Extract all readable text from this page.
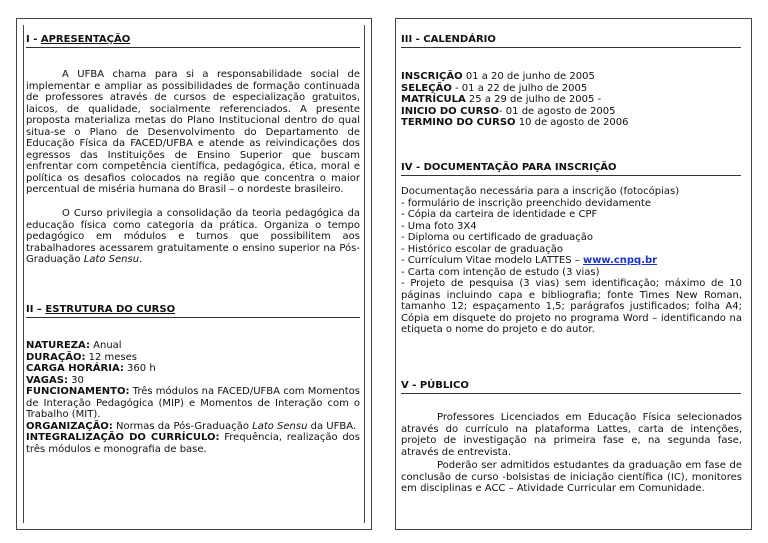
I - APRESENTAÇÃO
A UFBA chama para si a responsabilidade social de implementar e ampliar as possibilidades de formação continuada de professores através de cursos de especialização gratuitos, laicos, de qualidade, socialmente referenciados. A presente proposta materializa metas do Plano Institucional dentro do qual situa-se o Plano de Desenvolvimento do Departamento de Educação Física da FACED/UFBA e atende as reivindicações dos egressos das Instituições de Ensino Superior que buscam enfrentar com competência científica, pedagógica, ética, moral e política os desafios colocados na região que concentra o maior percentual de miséria humana do Brasil – o nordeste brasileiro.
O Curso privilegia a consolidação da teoria pedagógica da educação física como categoria da prática. Organiza o tempo pedagógico em módulos e turnos que possibilitem aos trabalhadores acessarem gratuitamente o ensino superior na Pós-Graduação Lato Sensu.
II – ESTRUTURA DO CURSO
NATUREZA: Anual
DURAÇÃO: 12 meses
CARGA HORÁRIA: 360 h
VAGAS: 30
FUNCIONAMENTO: Três módulos na FACED/UFBA com Momentos de Interação Pedagógica (MIP) e Momentos de Interação com o Trabalho (MIT).
ORGANIZAÇÃO: Normas da Pós-Graduação Lato Sensu da UFBA.
INTEGRALIZAÇÃO DO CURRÍCULO: Frequência, realização dos três módulos e monografia de base.
III - CALENDÁRIO
INSCRIÇÃO 01 a 20 de junho de 2005
SELEÇÃO - 01 a 22 de julho de 2005
MATRÍCULA 25 a 29 de julho de 2005 -
INICIO DO CURSO- 01 de agosto de 2005
TERMINO DO CURSO 10 de agosto de 2006
IV - DOCUMENTAÇÃO PARA INSCRIÇÃO
Documentação necessária para a inscrição (fotocópias)
- formulário de inscrição preenchido devidamente
- Cópia da carteira de identidade e CPF
- Uma foto 3X4
- Diploma ou certificado de graduação
- Histórico escolar de graduação
- Currículum Vitae modelo LATTES – www.cnpq.br
- Carta com intenção de estudo (3 vias)
- Projeto de pesquisa (3 vias) sem identificação; máximo de 10 páginas incluindo capa e bibliografia; fonte Times New Roman, tamanho 12; espaçamento 1,5; parágrafos justificados; folha A4; Cópia em disquete do projeto no programa Word – identificando na etiqueta o nome do projeto e do autor.
V - PÚBLICO
Professores Licenciados em Educação Física selecionados através do currículo na plataforma Lattes, carta de intenções, projeto de investigação na primeira fase e, na segunda fase, através de entrevista.
Poderão ser admitidos estudantes da graduação em fase de conclusão de curso -bolsistas de iniciação científica (IC), monitores em disciplinas e ACC – Atividade Curricular em Comunidade.
